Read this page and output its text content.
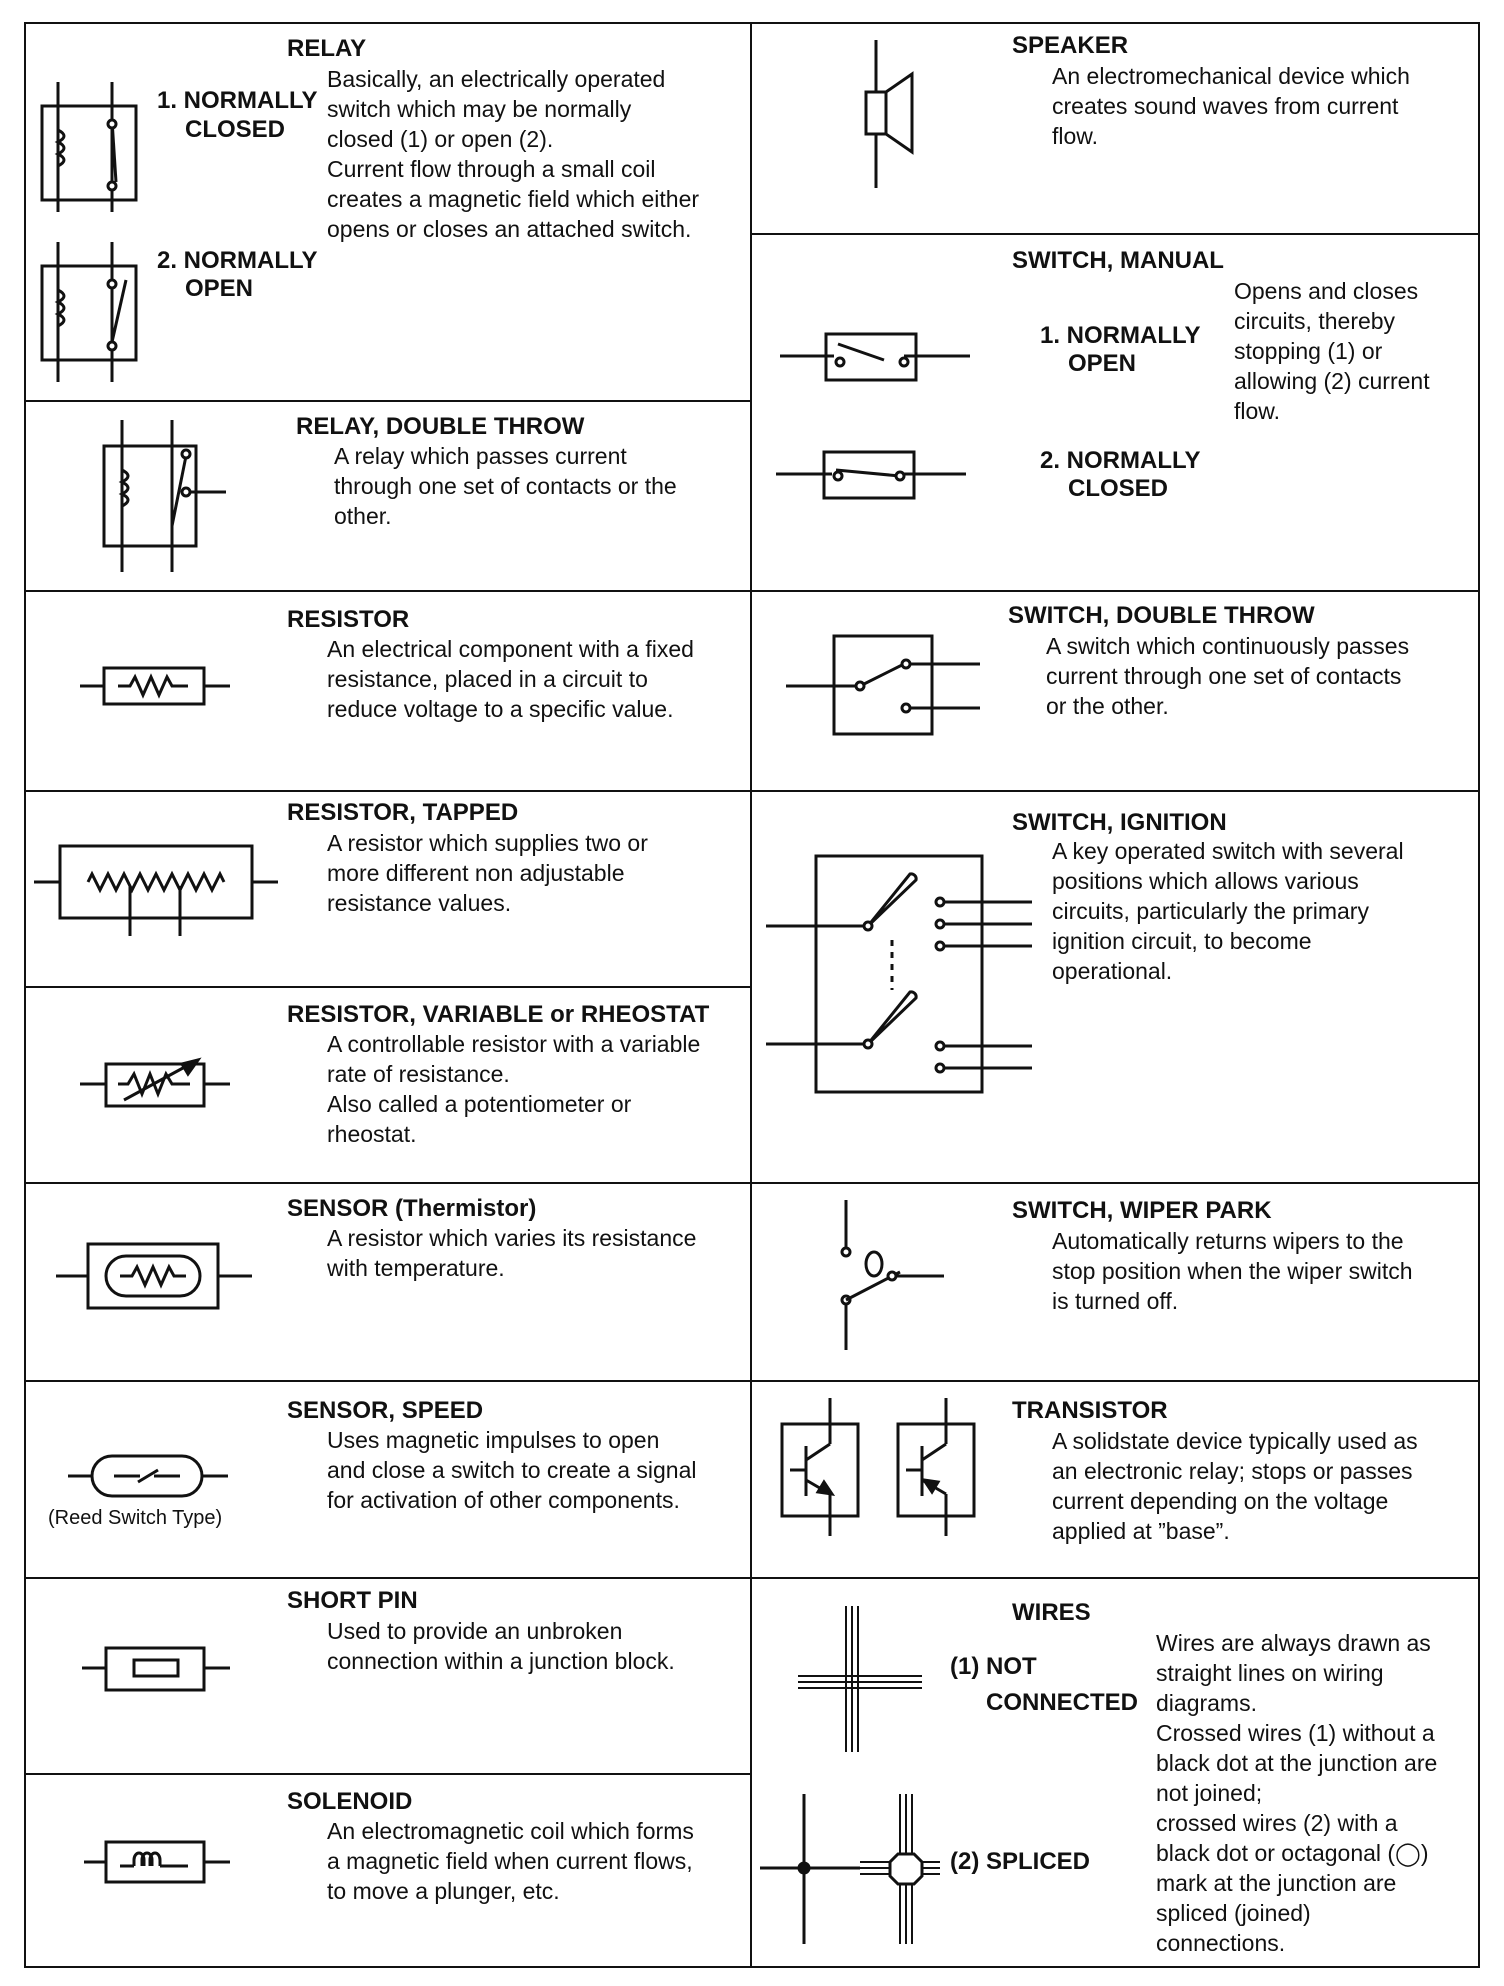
RELAY
1. NORMALLY
CLOSED
2. NORMALLY
OPEN
Basically, an electrically operated
switch which may be normally
closed (1) or open (2).
Current flow through a small coil
creates a magnetic field which either
opens or closes an attached switch.
RELAY, DOUBLE THROW
A relay which passes current
through one set of contacts or the
other.
RESISTOR
An electrical component with a fixed
resistance, placed in a circuit to
reduce voltage to a specific value.
RESISTOR, TAPPED
A resistor which supplies two or
more different non adjustable
resistance values.
RESISTOR, VARIABLE or RHEOSTAT
A controllable resistor with a variable
rate of resistance.
Also called a potentiometer or
rheostat.
SENSOR (Thermistor)
A resistor which varies its resistance
with temperature.
SENSOR, SPEED
Uses magnetic impulses to open
and close a switch to create a signal
for activation of other components.
(Reed Switch Type)
SHORT PIN
Used to provide an unbroken
connection within a junction block.
SOLENOID
An electromagnetic coil which forms
a magnetic field when current flows,
to move a plunger, etc.
SPEAKER
An electromechanical device which
creates sound waves from current
flow.
SWITCH, MANUAL
1. NORMALLY
OPEN
2. NORMALLY
CLOSED
Opens and closes
circuits, thereby
stopping (1) or
allowing (2) current
flow.
SWITCH, DOUBLE THROW
A switch which continuously passes
current through one set of contacts
or the other.
SWITCH, IGNITION
A key operated switch with several
positions which allows various
circuits, particularly the primary
ignition circuit, to become
operational.
SWITCH, WIPER PARK
Automatically returns wipers to the
stop position when the wiper switch
is turned off.
TRANSISTOR
A solidstate device typically used as
an electronic relay; stops or passes
current depending on the voltage
applied at ”base”.
WIRES
(1) NOT
CONNECTED
(2) SPLICED
Wires are always drawn as
straight lines on wiring
diagrams.
Crossed wires (1) without a
black dot at the junction are
not joined;
crossed wires (2) with a
black dot or octagonal (◯)
mark at the junction are
spliced (joined)
connections.
